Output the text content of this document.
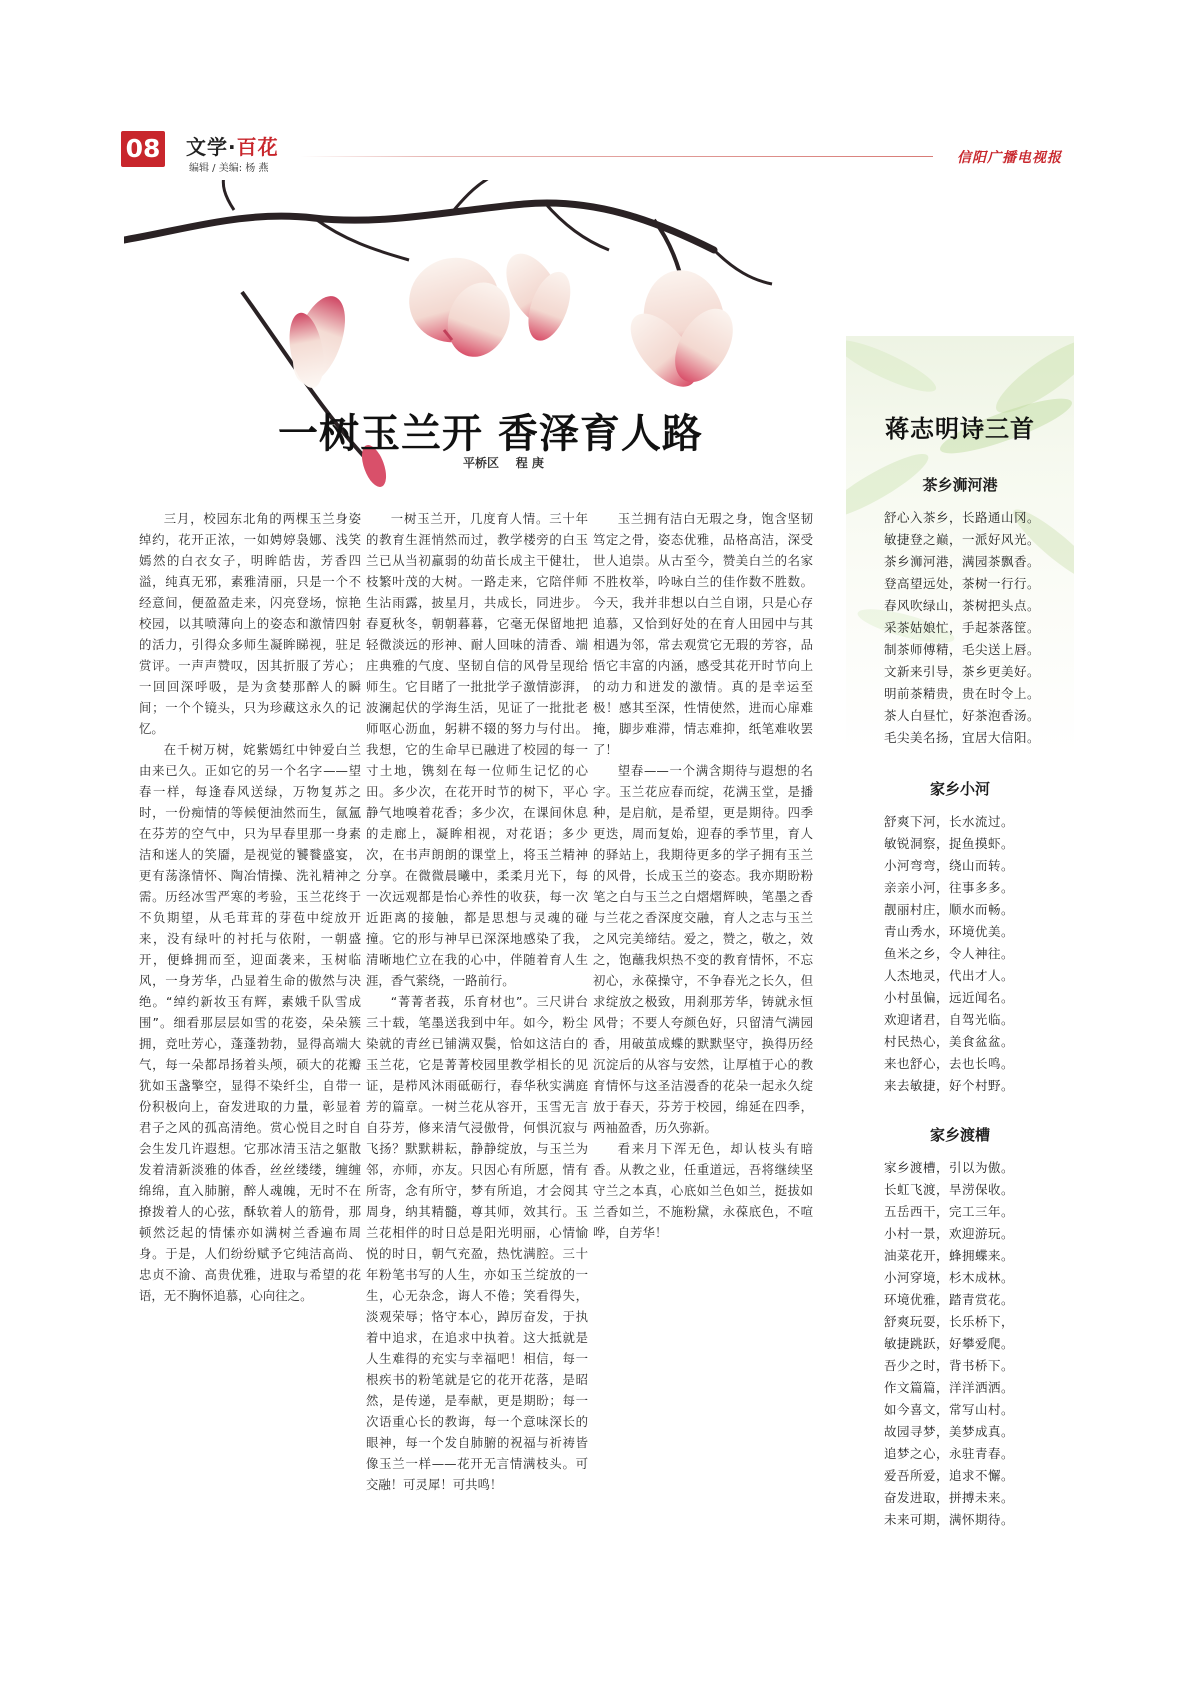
08 文学·百花
编辑 / 美编: 杨 燕
信阳广播电视报
一树玉兰开 香泽育人路
平桥区    程 庚

三月，校园东北角的两棵玉兰身姿绰约，花开正浓，一如娉婷袅娜、浅笑嫣然的白衣女子，明眸皓齿，芳香四溢，纯真无邪，素雅清丽，只是一个不经意间，便盈盈走来，闪亮登场，惊艳校园，以其喷薄向上的姿态和激情四射的活力，引得众多师生凝眸睇视，驻足赏评。一声声赞叹，因其折服了芳心；一回回深呼吸，是为贪婪那醉人的瞬间；一个个镜头，只为珍藏这永久的记忆。

在千树万树，姹紫嫣红中钟爱白兰由来已久。正如它的另一个名字——望春一样，每逢春风送绿，万物复苏之时，一份痴情的等候便油然而生，氤氲在芬芳的空气中，只为早春里那一身素洁和迷人的笑靥，是视觉的饕餮盛宴，更有荡涤情怀、陶冶情操、洗礼精神之需。历经冰雪严寒的考验，玉兰花终于不负期望，从毛茸茸的芽苞中绽放开来，没有绿叶的衬托与依附，一朝盛开，便蜂拥而至，迎面袭来，玉树临风，一身芳华，凸显着生命的傲然与决绝。“绰约新妆玉有辉，素娥千队雪成围”。细看那层层如雪的花姿，朵朵簇拥，竞吐芳心，蓬蓬勃勃，显得高端大气，每一朵都昂扬着头颅，硕大的花瓣犹如玉盏擎空，显得不染纤尘，自带一份积极向上，奋发进取的力量，彰显着君子之风的孤高清绝。赏心悦目之时自会生发几许遐想。它那冰清玉洁之躯散发着清新淡雅的体香，丝丝缕缕，缠缠绵绵，直入肺腑，醉人魂魄，无时不在撩拨着人的心弦，酥软着人的筋骨，那顿然泛起的情愫亦如满树兰香遍布周身。于是，人们纷纷赋予它纯洁高尚、忠贞不渝、高贵优雅，进取与希望的花语，无不胸怀追慕，心向往之。

一树玉兰开，几度育人情。三十年的教育生涯悄然而过，教学楼旁的白玉兰已从当初羸弱的幼苗长成主干健壮，枝繁叶茂的大树。一路走来，它陪伴师生沾雨露，披星月，共成长，同进步。春夏秋冬，朝朝暮暮，它毫无保留地把轻微淡远的形神、耐人回味的清香、端庄典雅的气度、坚韧自信的风骨呈现给师生。它目睹了一批批学子激情澎湃，波澜起伏的学海生活，见证了一批批老师呕心沥血，躬耕不辍的努力与付出。我想，它的生命早已融进了校园的每一寸土地，镌刻在每一位师生记忆的心田。多少次，在花开时节的树下，平心静气地嗅着花香；多少次，在课间休息的走廊上，凝眸相视，对花语；多少次，在书声朗朗的课堂上，将玉兰精神分享。在微微晨曦中，柔柔月光下，每一次远观都是怡心养性的收获，每一次近距离的接触，都是思想与灵魂的碰撞。它的形与神早已深深地感染了我，清晰地伫立在我的心中，伴随着育人生涯，香气萦绕，一路前行。

“菁菁者莪，乐育材也”。三尺讲台三十载，笔墨送我到中年。如今，粉尘染就的青丝已铺满双鬓，恰如这洁白的玉兰花，它是菁菁校园里教学相长的见证，是栉风沐雨砥砺行，春华秋实满庭芳的篇章。一树兰花从容开，玉雪无言自芬芳，修来清气浸傲骨，何惧沉寂与飞扬？默默耕耘，静静绽放，与玉兰为邻，亦师，亦友。只因心有所愿，情有所寄，念有所守，梦有所追，才会阅其周身，纳其精髓，尊其师，效其行。玉兰花相伴的时日总是阳光明丽，心情愉悦的时日，朝气充盈，热忱满腔。三十年粉笔书写的人生，亦如玉兰绽放的一生，心无杂念，诲人不倦；笑看得失，淡观荣辱；恪守本心，踔厉奋发，于执着中追求，在追求中执着。这大抵就是人生难得的充实与幸福吧！相信，每一根疾书的粉笔就是它的花开花落，是昭然，是传递，是奉献，更是期盼；每一次语重心长的教诲，每一个意味深长的眼神，每一个发自肺腑的祝福与祈祷皆像玉兰一样——花开无言情满枝头。可交融！可灵犀！可共鸣！

玉兰拥有洁白无瑕之身，饱含坚韧笃定之骨，姿态优雅，品格高洁，深受世人追崇。从古至今，赞美白兰的名家不胜枚举，吟咏白兰的佳作数不胜数。今天，我并非想以白兰自诩，只是心存追慕，又恰到好处的在育人田园中与其相遇为邻，常去观赏它无瑕的芳容，品悟它丰富的内涵，感受其花开时节向上的动力和迸发的激情。真的是幸运至极！感其至深，性情使然，进而心扉难掩，脚步难滞，情志难抑，纸笔难收罢了！

望春——一个满含期待与遐想的名字。玉兰花应春而绽，花满玉堂，是播种，是启航，是希望，更是期待。四季更迭，周而复始，迎春的季节里，育人的驿站上，我期待更多的学子拥有玉兰的风骨，长成玉兰的姿态。我亦期盼粉笔之白与玉兰之白熠熠辉映，笔墨之香与兰花之香深度交融，育人之志与玉兰之风完美缔结。爱之，赞之，敬之，效之，饱蘸我炽热不变的教育情怀，不忘初心，永葆操守，不争春光之长久，但求绽放之极致，用刹那芳华，铸就永恒风骨；不要人夸颜色好，只留清气满园香，用破茧成蝶的默默坚守，换得历经沉淀后的从容与安然，让厚植于心的教育情怀与这圣洁漫香的花朵一起永久绽放于春天，芬芳于校园，绵延在四季，两袖盈香，历久弥新。

看来月下浑无色，却认枝头有暗香。从教之业，任重道远，吾将继续坚守兰之本真，心底如兰色如兰，挺拔如兰香如兰，不施粉黛，永葆底色，不喧哗，自芳华！

蒋志明诗三首
茶乡浉河港
舒心入茶乡，长路通山冈。
敏捷登之巅，一派好风光。
茶乡浉河港，满园茶飘香。
登高望远处，茶树一行行。
春风吹绿山，茶树把头点。
采茶姑娘忙，手起茶落筐。
制茶师傅精，毛尖送上唇。
文新来引导，茶乡更美好。
明前茶精贵，贵在时令上。
茶人白昼忙，好茶泡香汤。
毛尖美名扬，宜居大信阳。
家乡小河
舒爽下河，长水流过。
敏锐洞察，捉鱼摸虾。
小河弯弯，绕山而转。
亲亲小河，往事多多。
靓丽村庄，顺水而畅。
青山秀水，环境优美。
鱼米之乡，令人神往。
人杰地灵，代出才人。
小村虽偏，远近闻名。
欢迎诸君，自驾光临。
村民热心，美食盆盆。
来也舒心，去也长鸣。
来去敏捷，好个村野。
家乡渡槽
家乡渡槽，引以为傲。
长虹飞渡，旱涝保收。
五岳西干，完工三年。
小村一景，欢迎游玩。
油菜花开，蜂拥蝶来。
小河穿境，杉木成林。
环境优雅，踏青赏花。
舒爽玩耍，长乐桥下，
敏捷跳跃，好攀爱爬。
吾少之时，背书桥下。
作文篇篇，洋洋洒洒。
如今喜文，常写山村。
故园寻梦，美梦成真。
追梦之心，永驻青春。
爱吾所爱，追求不懈。
奋发进取，拼搏未来。
未来可期，满怀期待。
